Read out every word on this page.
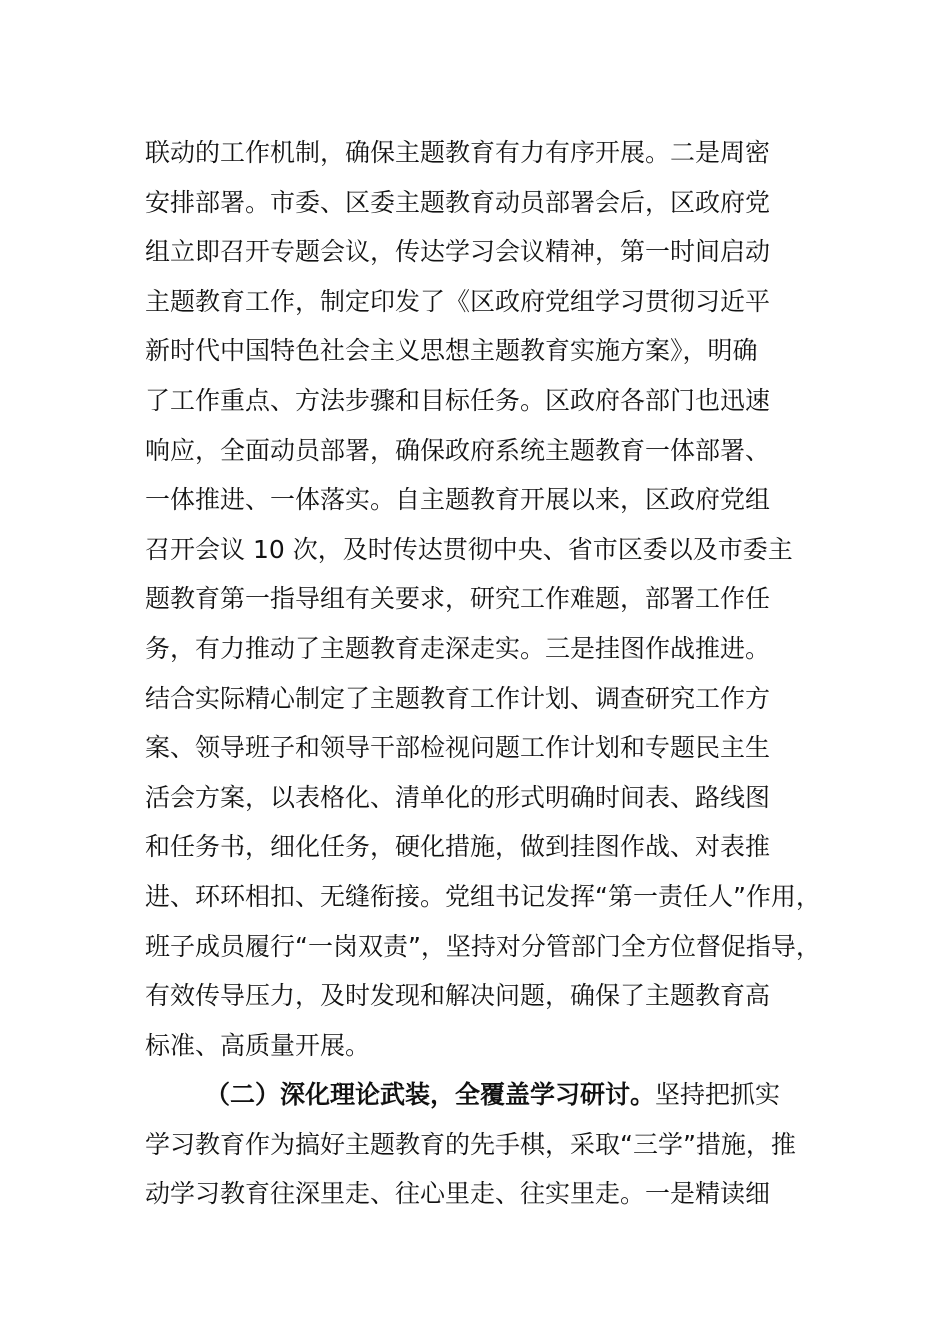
联动的工作机制，确保主题教育有力有序开展。二是周密
安排部署。市委、区委主题教育动员部署会后，区政府党
组立即召开专题会议，传达学习会议精神，第一时间启动
主题教育工作，制定印发了《区政府党组学习贯彻习近平
新时代中国特色社会主义思想主题教育实施方案》，明确
了工作重点、方法步骤和目标任务。区政府各部门也迅速
响应，全面动员部署，确保政府系统主题教育一体部署、
一体推进、一体落实。自主题教育开展以来，区政府党组
召开会议 10 次，及时传达贯彻中央、省市区委以及市委主
题教育第一指导组有关要求，研究工作难题，部署工作任
务，有力推动了主题教育走深走实。三是挂图作战推进。
结合实际精心制定了主题教育工作计划、调查研究工作方
案、领导班子和领导干部检视问题工作计划和专题民主生
活会方案，以表格化、清单化的形式明确时间表、路线图
和任务书，细化任务，硬化措施，做到挂图作战、对表推
进、环环相扣、无缝衔接。党组书记发挥“第一责任人”作用，
班子成员履行“一岗双责”，坚持对分管部门全方位督促指导，
有效传导压力，及时发现和解决问题，确保了主题教育高
标准、高质量开展。
（二）深化理论武装，全覆盖学习研讨。坚持把抓实
学习教育作为搞好主题教育的先手棋，采取“三学”措施，推
动学习教育往深里走、往心里走、往实里走。一是精读细
